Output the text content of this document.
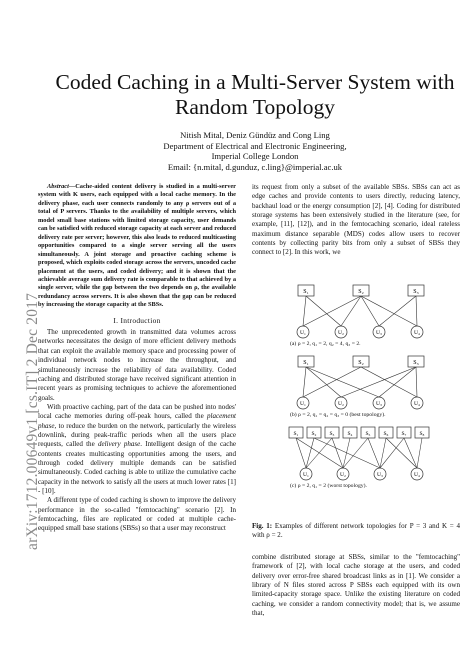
arXiv:1712.00649v1 [cs.IT] 2 Dec 2017
Coded Caching in a Multi-Server System with Random Topology
Nitish Mital, Deniz Gündüz and Cong Ling
Department of Electrical and Electronic Engineering,
Imperial College London
Email: {n.mital, d.gunduz, c.ling}@imperial.ac.uk

Abstract—Cache-aided content delivery is studied in a multi-server system with K users, each equipped with a local cache memory. In the delivery phase, each user connects randomly to any ρ servers out of a total of P servers. Thanks to the availability of multiple servers, which model small base stations with limited storage capacity, user demands can be satisfied with reduced storage capacity at each server and reduced delivery rate per server; however, this also leads to reduced multicasting opportunities compared to a single server serving all the users simultaneously. A joint storage and proactive caching scheme is proposed, which exploits coded storage across the servers, uncoded cache placement at the users, and coded delivery; and it is shown that the achievable average sum delivery rate is comparable to that achieved by a single server, while the gap between the two depends on ρ, the available redundancy across servers. It is also shown that the gap can be reduced by increasing the storage capacity at the SBSs.

I. Introduction

The unprecedented growth in transmitted data volumes across networks necessitates the design of more efficient delivery methods that can exploit the available memory space and processing power of individual network nodes to increase the throughput, and simultaneously increase the reliability of data availability. Coded caching and distributed storage have received significant attention in recent years as promising techniques to achieve the aforementioned goals.

With proactive caching, part of the data can be pushed into nodes' local cache memories during off-peak hours, called the placement phase, to reduce the burden on the network, particularly the wireless downlink, during peak-traffic periods when all the users place requests, called the delivery phase. Intelligent design of the cache contents creates multicasting opportunities among the users, and through coded delivery multiple demands can be satisfied simultaneously. Coded caching is able to utilize the cumulative cache capacity in the network to satisfy all the users at much lower rates [1] - [10].

A different type of coded caching is shown to improve the delivery performance in the so-called "femtocaching" scenario [2]. In femtocaching, files are replicated or coded at multiple cache-equipped small base stations (SBSs) so that a user may reconstruct

its request from only a subset of the available SBSs. SBSs can act as edge caches and provide contents to users directly, reducing latency, backhaul load or the energy consumption [2], [4]. Coding for distributed storage systems has been extensively studied in the literature (see, for example, [11], [12]), and in the femtocaching scenario, ideal rateless maximum distance separable (MDS) codes allow users to recover contents by collecting parity bits from only a subset of SBSs they connect to [2]. In this work, we

S₁	S₂	S₃
U₁	U₂	U₃	U₄
(a) ρ = 2, q₁ = 2, q₂ = 4, q₃ = 2.
S₁	S₂	S₃
U₁	U₂	U₃	U₄
(b) ρ = 2, q₁ = q₂ = q₃ = 0 (best topology).
S₁ S₂ S₃ S₄ S₅ S₆ S₇ S₈
U₁	U₂	U₃	U₄
(c) ρ = 2, q₁ = 2 (worst topology).
Fig. 1: Examples of different network topologies for P = 3 and K = 4 with ρ = 2.

combine distributed storage at SBSs, similar to the "femtocaching" framework of [2], with local cache storage at the users, and coded delivery over error-free shared broadcast links as in [1]. We consider a library of N files stored across P SBSs each equipped with its own limited-capacity storage space. Unlike the existing literature on coded caching, we consider a random connectivity model; that is, we assume that,
